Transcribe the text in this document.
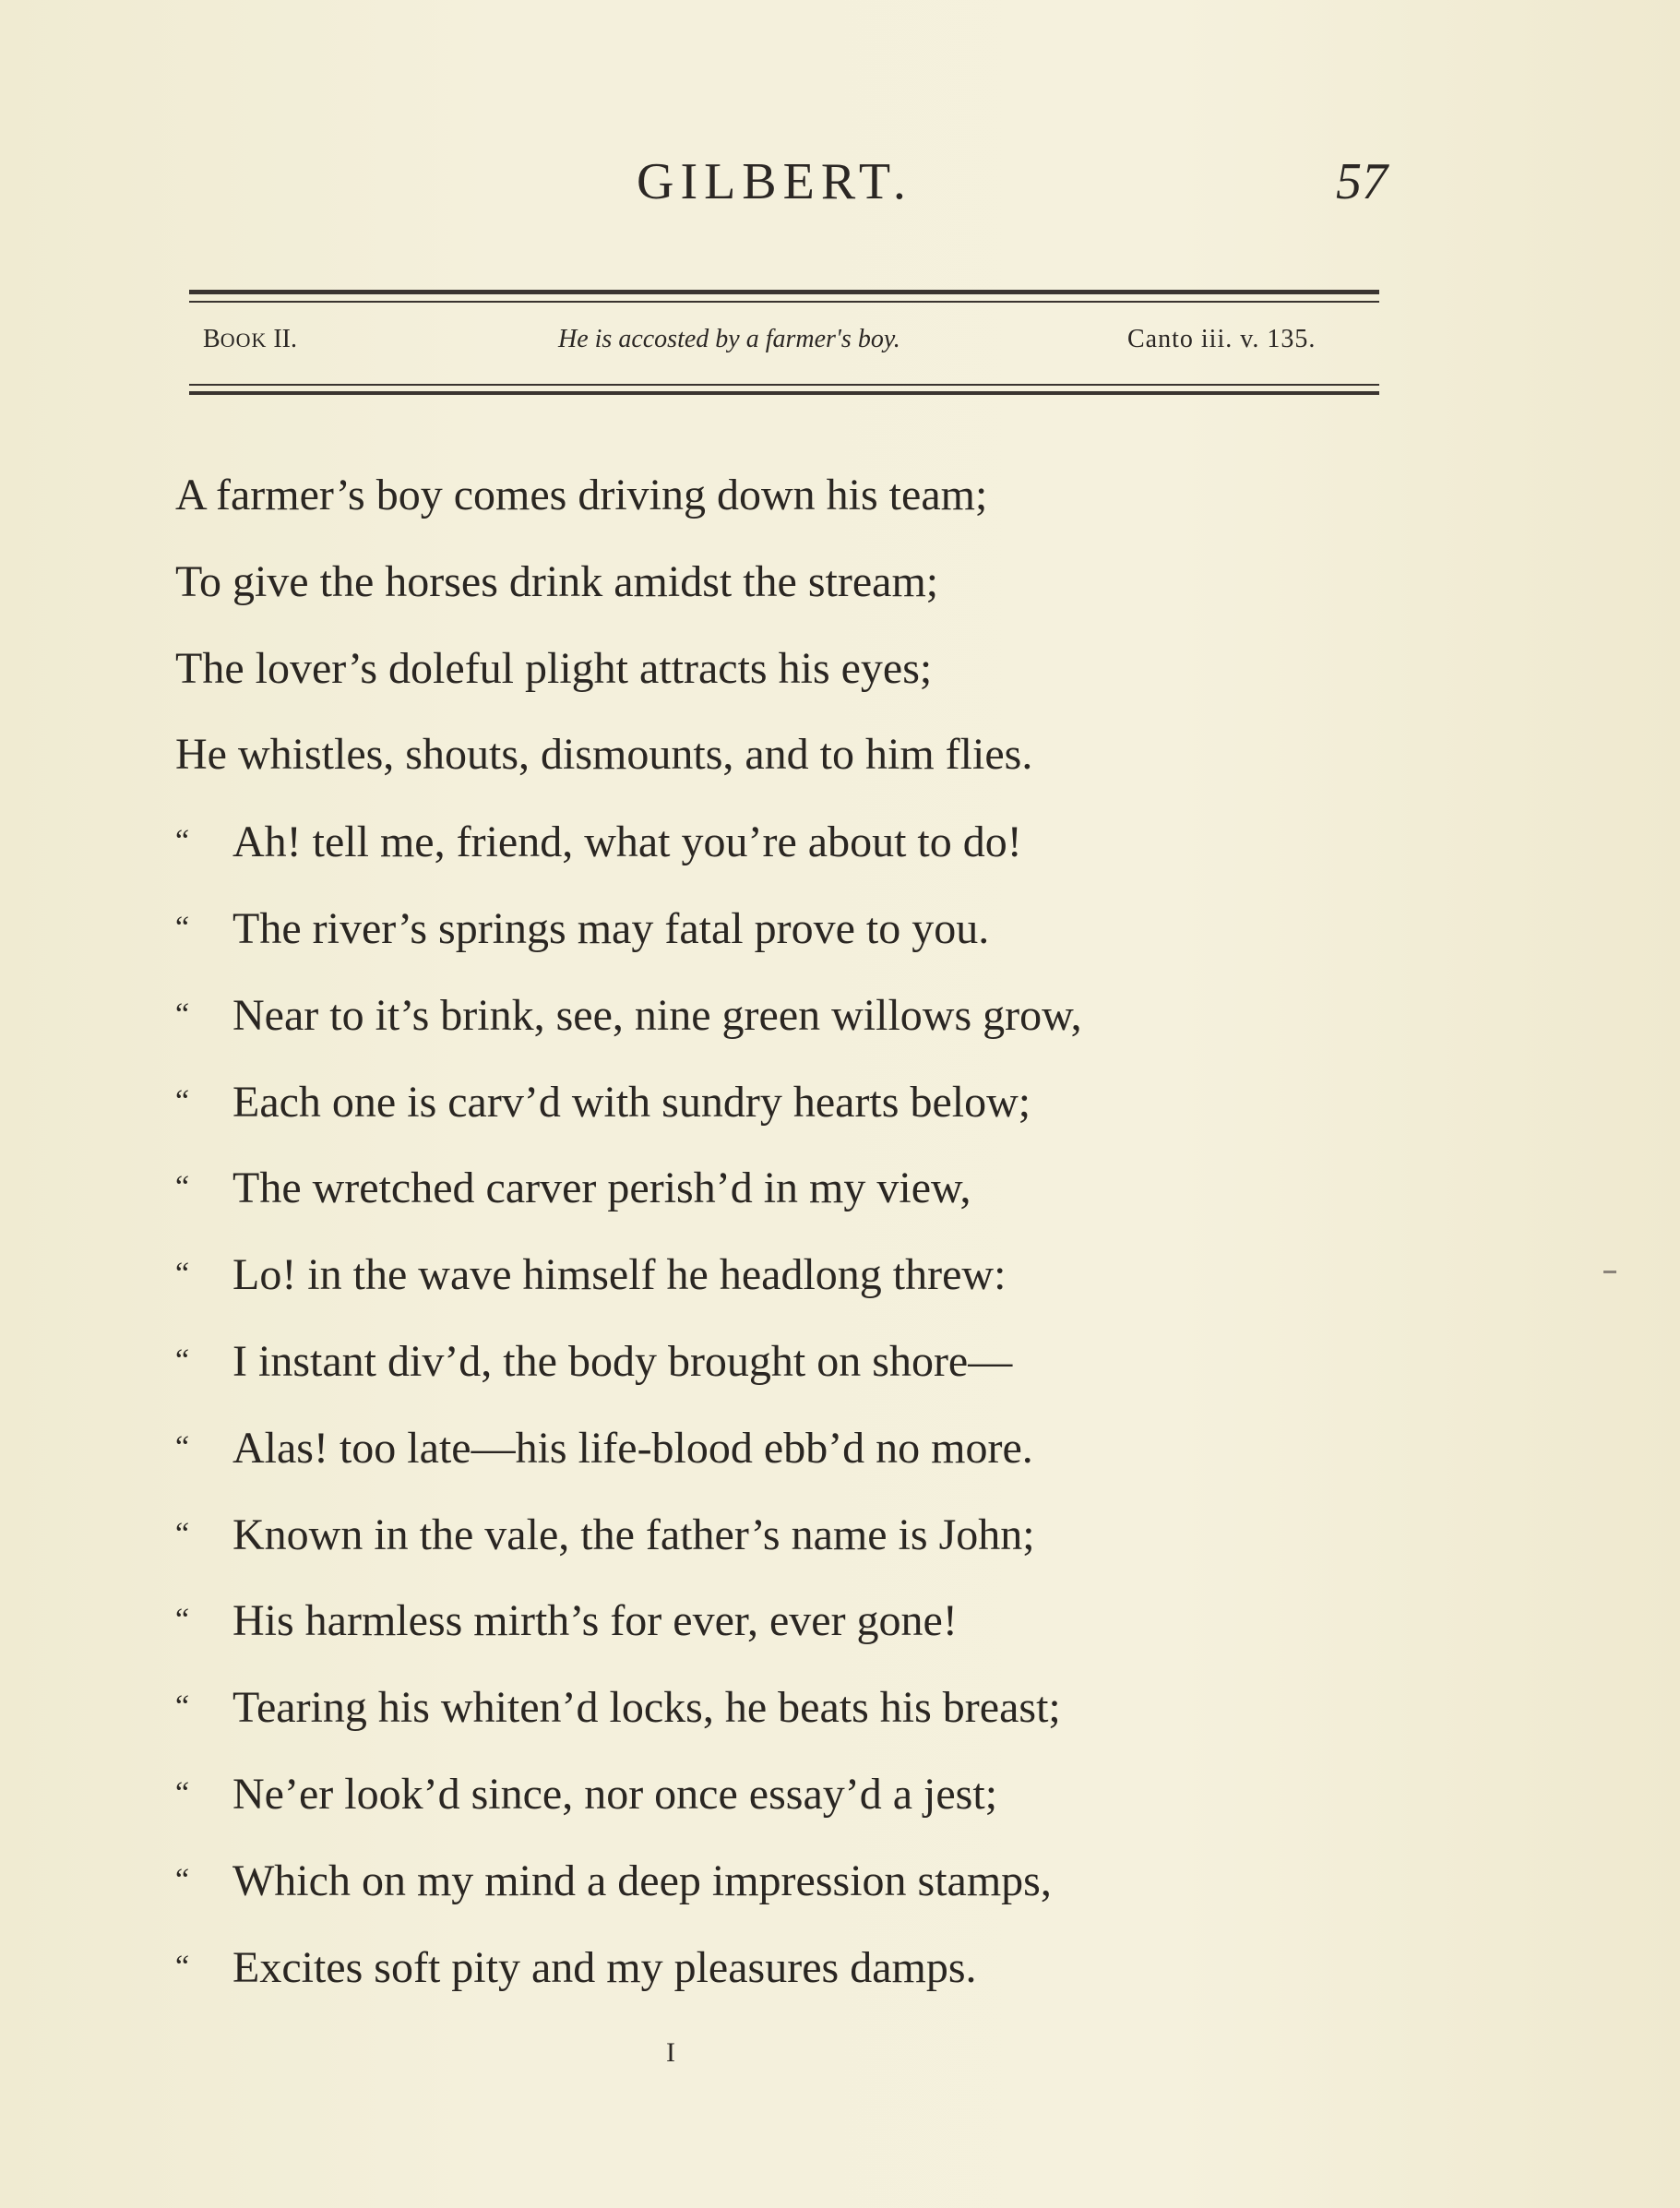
GILBERT.	57
BOOK II.	He is accosted by a farmer's boy.	Canto iii. v. 135.
A farmer’s boy comes driving down his team;
To give the horses drink amidst the stream;
The lover’s doleful plight attracts his eyes;
He whistles, shouts, dismounts, and to him flies.
“ Ah! tell me, friend, what you’re about to do!
“ The river’s springs may fatal prove to you.
“ Near to it’s brink, see, nine green willows grow,
“ Each one is carv’d with sundry hearts below;
“ The wretched carver perish’d in my view,
“ Lo! in the wave himself he headlong threw:
“ I instant div’d, the body brought on shore—
“ Alas! too late—his life-blood ebb’d no more.
“ Known in the vale, the father’s name is John;
“ His harmless mirth’s for ever, ever gone!
“ Tearing his whiten’d locks, he beats his breast;
“ Ne’er look’d since, nor once essay’d a jest;
“ Which on my mind a deep impression stamps,
“ Excites soft pity and my pleasures damps.
I
